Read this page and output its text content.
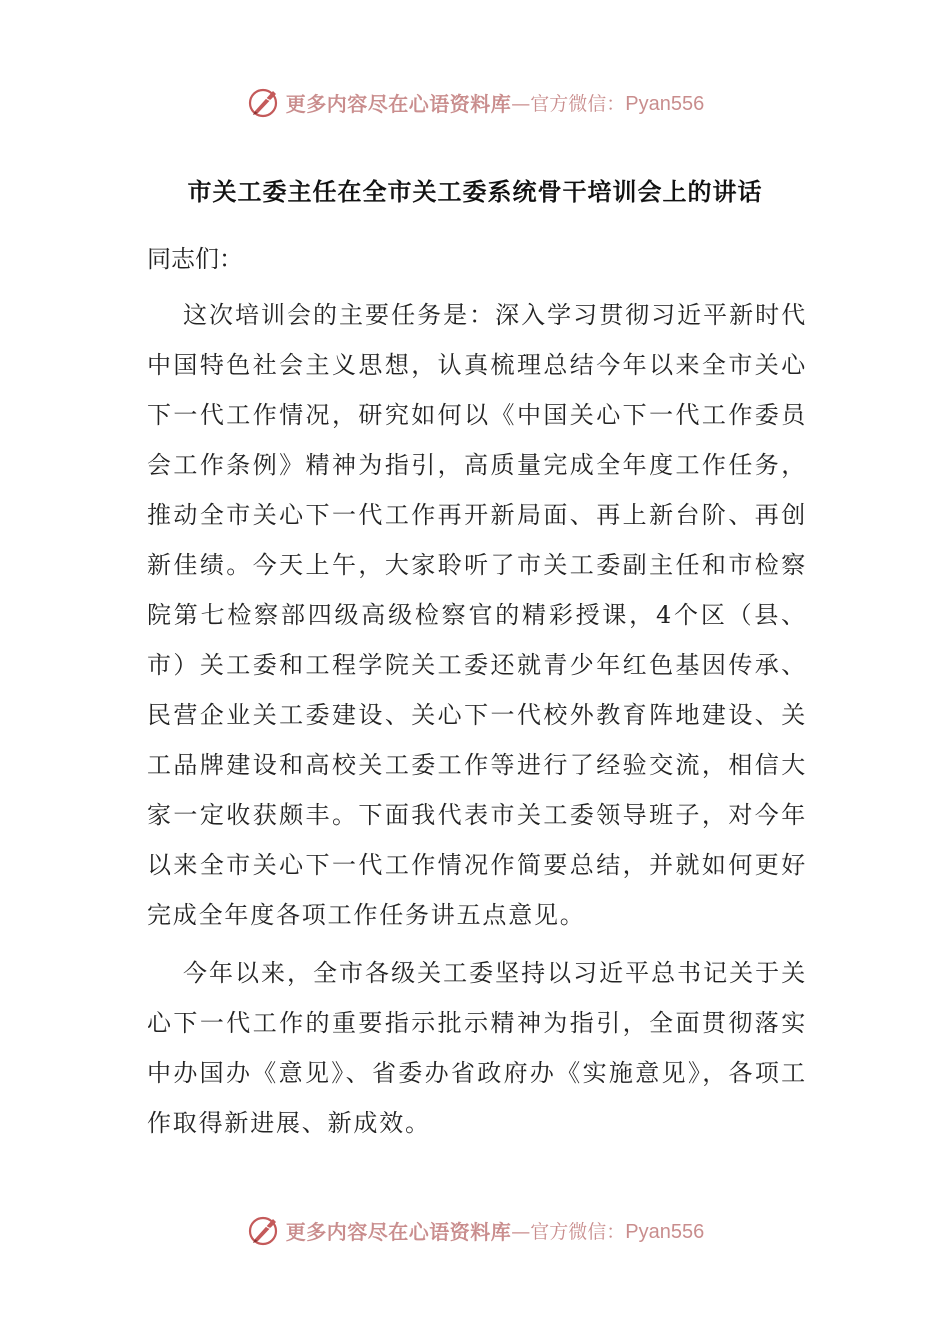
更多内容尽在心语资料库 —官方微信：Pyan556
市关工委主任在全市关工委系统骨干培训会上的讲话

同志们：

这次培训会的主要任务是：深入学习贯彻习近平新时代中国特色社会主义思想，认真梳理总结今年以来全市关心下一代工作情况，研究如何以《中国关心下一代工作委员会工作条例》精神为指引，高质量完成全年度工作任务，推动全市关心下一代工作再开新局面、再上新台阶、再创新佳绩。今天上午，大家聆听了市关工委副主任和市检察院第七检察部四级高级检察官的精彩授课，4个区（县、市）关工委和工程学院关工委还就青少年红色基因传承、民营企业关工委建设、关心下一代校外教育阵地建设、关工品牌建设和高校关工委工作等进行了经验交流，相信大家一定收获颇丰。下面我代表市关工委领导班子，对今年以来全市关心下一代工作情况作简要总结，并就如何更好完成全年度各项工作任务讲五点意见。

今年以来，全市各级关工委坚持以习近平总书记关于关心下一代工作的重要指示批示精神为指引，全面贯彻落实中办国办《意见》、省委办省政府办《实施意见》，各项工作取得新进展、新成效。

更多内容尽在心语资料库 —官方微信：Pyan556
